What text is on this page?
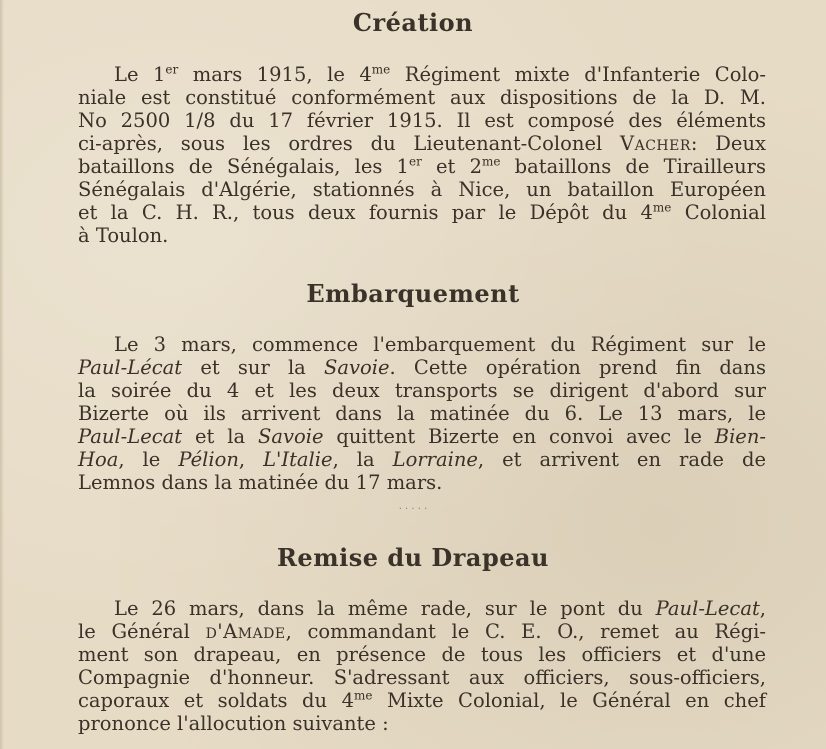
Création

Le 1er mars 1915, le $4^{me}$ Régiment mixte d'Infanterie Colo-
niale est constitué conformément aux dispositions de la D. M.
No 2500 1/8 du 17 février 1915. Il est composé des éléments
ci-après, sous les ordres du Lieutenant-Colonel Vacher: Deux
bataillons de Sénégalais, les 1er et $2^{me}$ bataillons de Tirailleurs
Sénégalais d'Algérie, stationnés à Nice, un bataillon Européen
et la C. H. R., tous deux fournis par le Dépôt du $4^{me}$ Colonial
à Toulon.

Embarquement

Le 3 mars, commence l'embarquement du Régiment sur le
Paul-Lécat et sur la Savoie. Cette opération prend fin dans
la soirée du 4 et les deux transports se dirigent d'abord sur
Bizerte où ils arrivent dans la matinée du 6. Le 13 mars, le
Paul-Lecat et la Savoie quittent Bizerte en convoi avec le Bien-
Hoa, le Pélion, L'Italie, la Lorraine, et arrivent en rade de
Lemnos dans la matinée du 17 mars.

· · · · ·
Remise du Drapeau

Le 26 mars, dans la même rade, sur le pont du Paul-Lecat,
le Général d'Amade, commandant le C. E. O., remet au Régi-
ment son drapeau, en présence de tous les officiers et d'une
Compagnie d'honneur. S'adressant aux officiers, sous-officiers,
caporaux et soldats du $4^{me}$ Mixte Colonial, le Général en chef
prononce l'allocution suivante :
